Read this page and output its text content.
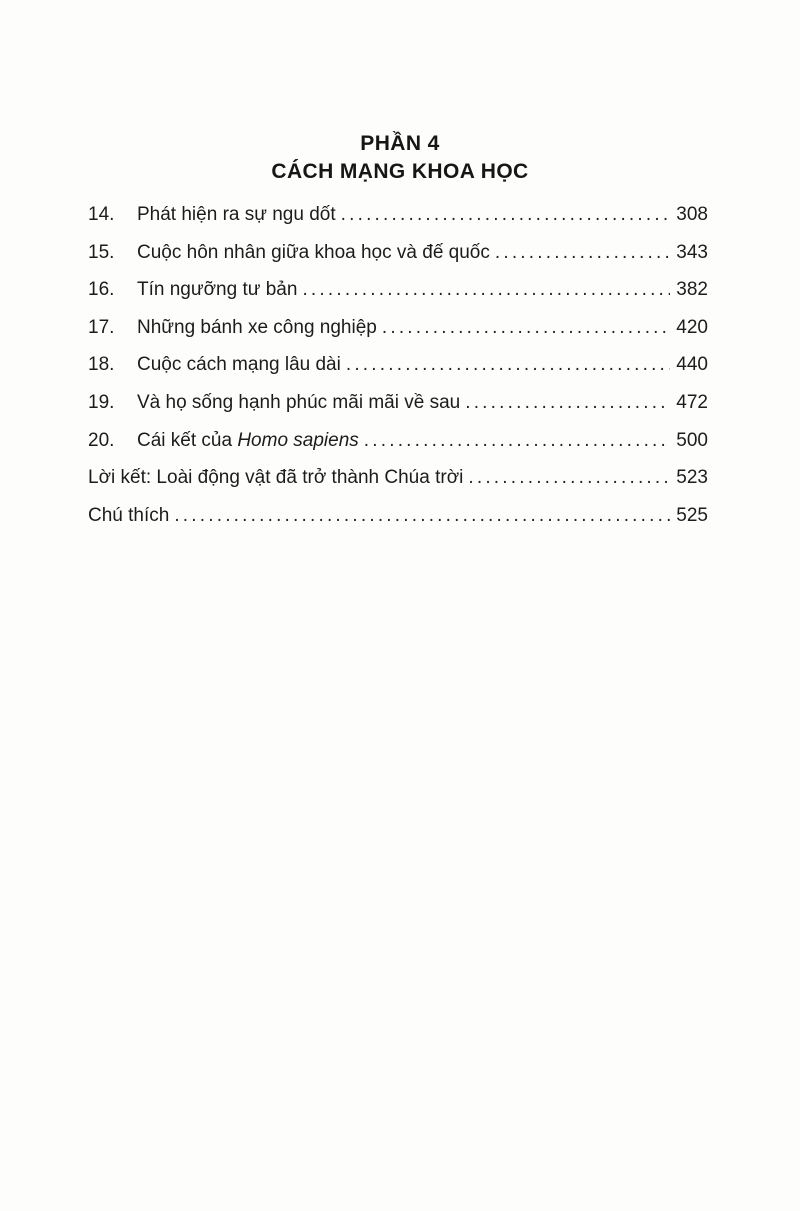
PHẦN 4
CÁCH MẠNG KHOA HỌC
14.	Phát hiện ra sự ngu dốt .....	308
15.	Cuộc hôn nhân giữa khoa học và đế quốc .....	343
16.	Tín ngưỡng tư bản .....	382
17.	Những bánh xe công nghiệp .....	420
18.	Cuộc cách mạng lâu dài .....	440
19.	Và họ sống hạnh phúc mãi mãi về sau .....	472
20.	Cái kết của Homo sapiens .....	500
Lời kết: Loài động vật đã trở thành Chúa trời .....	523
Chú thích .....	525
